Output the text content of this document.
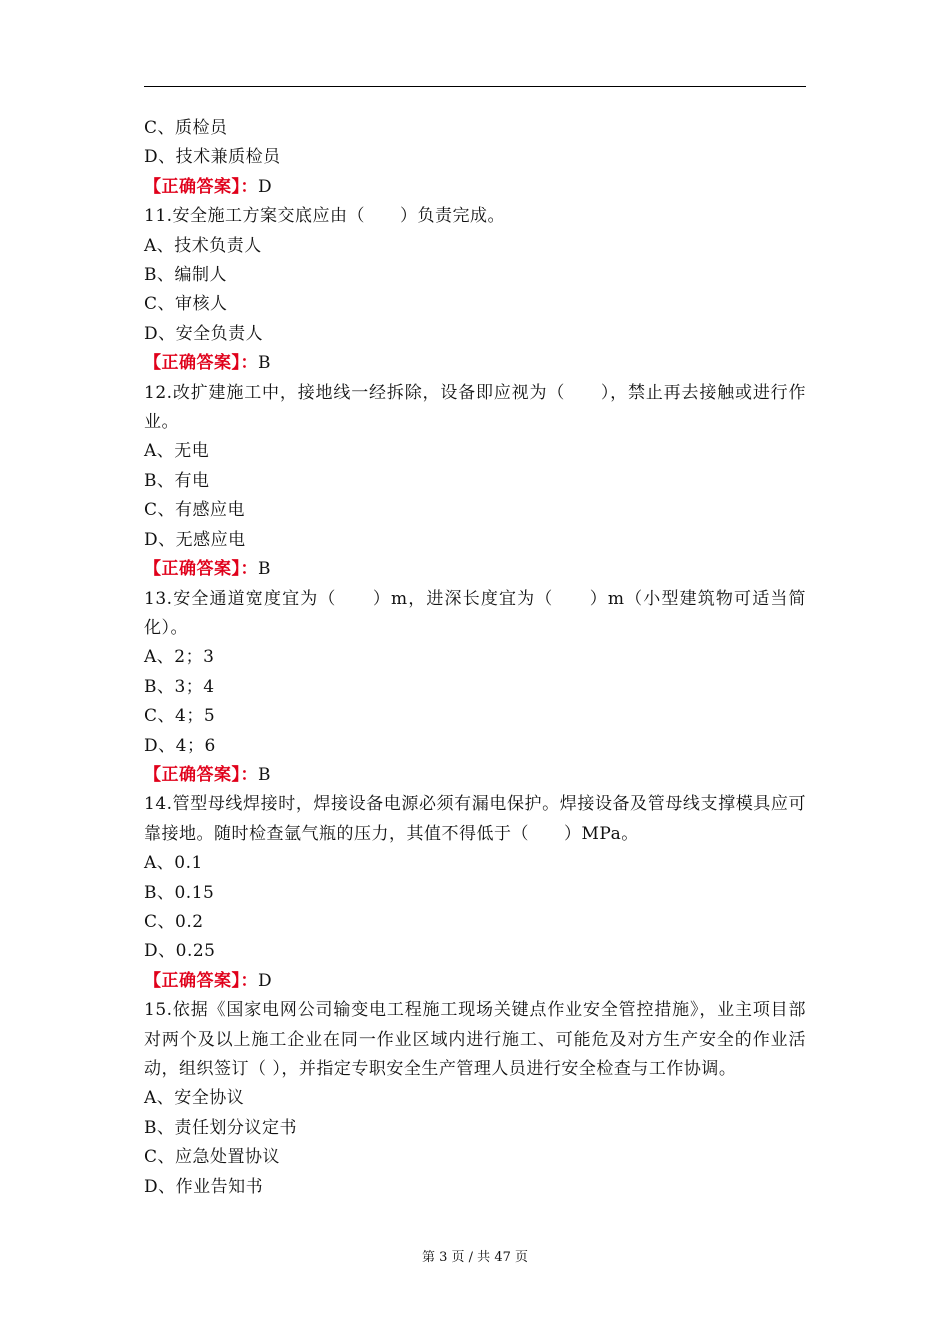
C、质检员
D、技术兼质检员
【正确答案】：D
11.安全施工方案交底应由（　　）负责完成。
A、技术负责人
B、编制人
C、审核人
D、安全负责人
【正确答案】：B
12.改扩建施工中，接地线一经拆除，设备即应视为（　　），禁止再去接触或进行作业。
A、无电
B、有电
C、有感应电
D、无感应电
【正确答案】：B
13.安全通道宽度宜为（　　）m，进深长度宜为（　　）m（小型建筑物可适当简化）。
A、2；3
B、3；4
C、4；5
D、4；6
【正确答案】：B
14.管型母线焊接时，焊接设备电源必须有漏电保护。焊接设备及管母线支撑模具应可靠接地。随时检查氩气瓶的压力，其值不得低于（　　）MPa。
A、0.1
B、0.15
C、0.2
D、0.25
【正确答案】：D
15.依据《国家电网公司输变电工程施工现场关键点作业安全管控措施》，业主项目部对两个及以上施工企业在同一作业区域内进行施工、可能危及对方生产安全的作业活动，组织签订（ ），并指定专职安全生产管理人员进行安全检查与工作协调。
A、安全协议
B、责任划分议定书
C、应急处置协议
D、作业告知书
第 3 页 / 共 47 页
